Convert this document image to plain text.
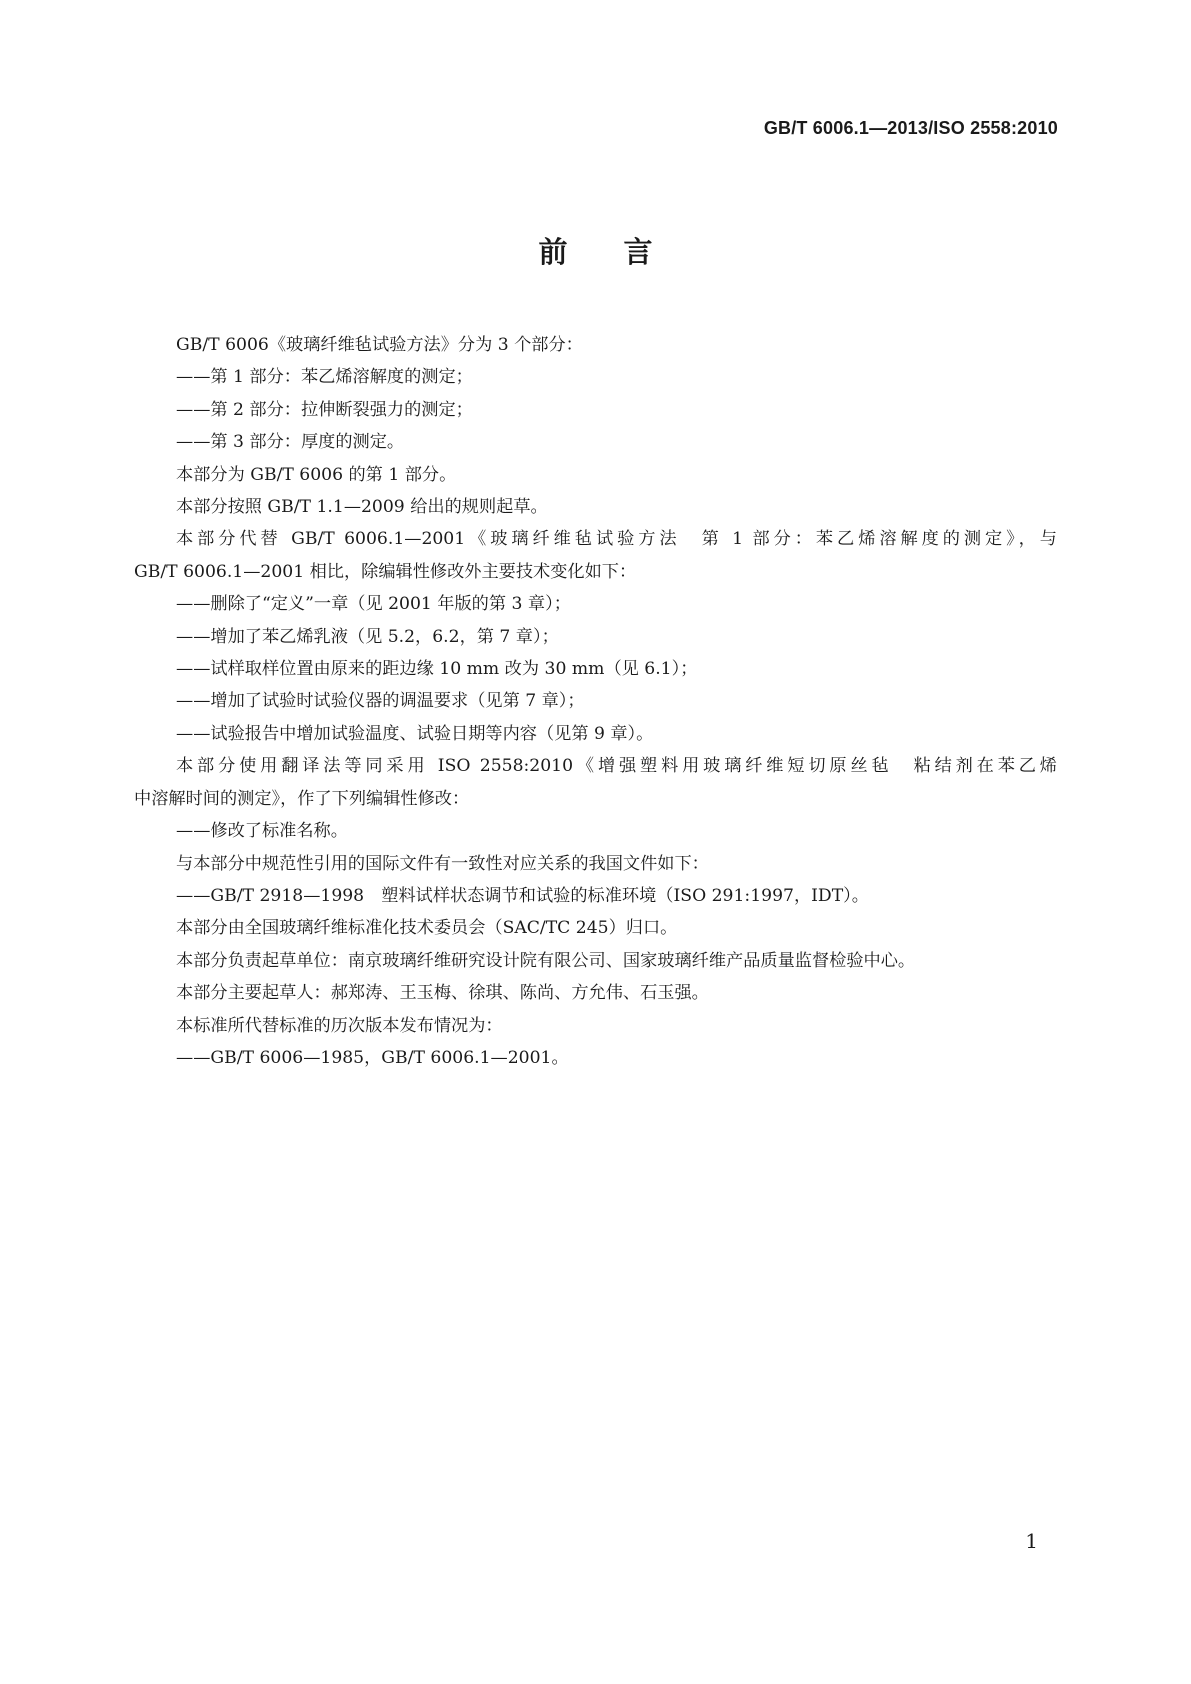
GB/T 6006.1—2013/ISO 2558:2010
前言

GB/T 6006《玻璃纤维毡试验方法》分为 3 个部分：

——第 1 部分：苯乙烯溶解度的测定；

——第 2 部分：拉伸断裂强力的测定；

——第 3 部分：厚度的测定。

本部分为 GB/T 6006 的第 1 部分。

本部分按照 GB/T 1.1—2009 给出的规则起草。

本部分代替 GB/T 6006.1—2001《玻璃纤维毡试验方法　第 1 部分：苯乙烯溶解度的测定》，与

GB/T 6006.1—2001 相比，除编辑性修改外主要技术变化如下：

——删除了“定义”一章（见 2001 年版的第 3 章）；

——增加了苯乙烯乳液（见 5.2，6.2，第 7 章）；

——试样取样位置由原来的距边缘 10 mm 改为 30 mm（见 6.1）；

——增加了试验时试验仪器的调温要求（见第 7 章）；

——试验报告中增加试验温度、试验日期等内容（见第 9 章）。

本部分使用翻译法等同采用 ISO 2558:2010《增强塑料用玻璃纤维短切原丝毡　粘结剂在苯乙烯

中溶解时间的测定》，作了下列编辑性修改：

——修改了标准名称。

与本部分中规范性引用的国际文件有一致性对应关系的我国文件如下：

——GB/T 2918—1998　塑料试样状态调节和试验的标准环境（ISO 291:1997，IDT）。

本部分由全国玻璃纤维标准化技术委员会（SAC/TC 245）归口。

本部分负责起草单位：南京玻璃纤维研究设计院有限公司、国家玻璃纤维产品质量监督检验中心。

本部分主要起草人：郝郑涛、王玉梅、徐琪、陈尚、方允伟、石玉强。

本标准所代替标准的历次版本发布情况为：

——GB/T 6006—1985，GB/T 6006.1—2001。

1
